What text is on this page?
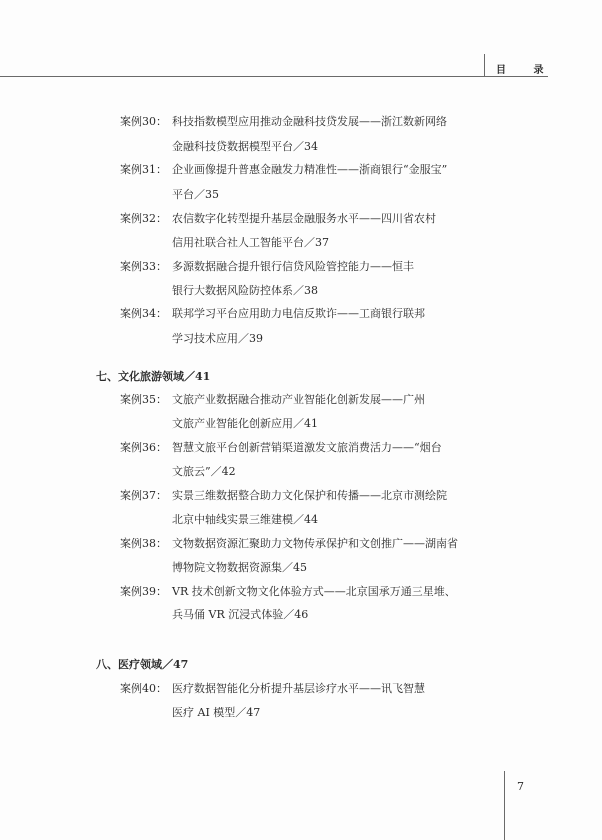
目 录
案例30： 科技指数模型应用推动金融科技贷发展——浙江数新网络
金融科技贷数据模型平台／34
案例31： 企业画像提升普惠金融发力精准性——浙商银行“金服宝”
平台／35
案例32： 农信数字化转型提升基层金融服务水平——四川省农村
信用社联合社人工智能平台／37
案例33： 多源数据融合提升银行信贷风险管控能力——恒丰
银行大数据风险防控体系／38
案例34： 联邦学习平台应用助力电信反欺诈——工商银行联邦
学习技术应用／39
七、文化旅游领域／41
案例35： 文旅产业数据融合推动产业智能化创新发展——广州
文旅产业智能化创新应用／41
案例36： 智慧文旅平台创新营销渠道激发文旅消费活力——“烟台
文旅云”／42
案例37： 实景三维数据整合助力文化保护和传播——北京市测绘院
北京中轴线实景三维建模／44
案例38： 文物数据资源汇聚助力文物传承保护和文创推广——湖南省
博物院文物数据资源集／45
案例39： VR 技术创新文物文化体验方式——北京国承万通三星堆、
兵马俑 VR 沉浸式体验／46
八、医疗领域／47
案例40： 医疗数据智能化分析提升基层诊疗水平——讯飞智慧
医疗 AI 模型／47
7
